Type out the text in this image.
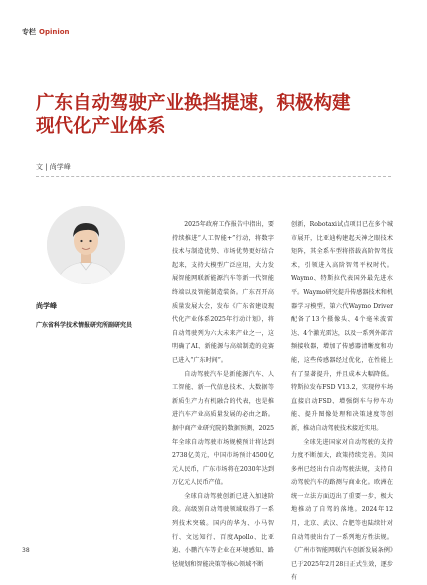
专栏 Opinion
广东自动驾驶产业换挡提速，积极构建
现代化产业体系
文 | 尚学峰
尚学峰
广东省科学技术情报研究所副研究员

2025年政府工作报告中指出，要持续推进“人工智能+”行动，将数字技术与制造优势、市场优势更好结合起来，支持大模型广泛应用，大力发展智能网联新能源汽车等新一代智能终端以及智能制造装备。广东召开高质量发展大会，发布《广东省建设现代化产业体系2025年行动计划》，将自动驾驶列为六大未来产业之一，这明确了AI、新能源与高端制造的竞赛已进入“广东时间”。

自动驾驶汽车是新能源汽车、人工智能、新一代信息技术、大数据等新质生产力有机融合的代表，也是推进汽车产业高质量发展的必由之路。据中商产业研究院的数据预测，2025年全球自动驾驶市场规模预计将达到2738亿美元，中国市场预计4500亿元人民币，广东市场将在2030年达到万亿元人民币产值。

全球自动驾驶创新已进入加速阶段。高级别自动驾驶领域取得了一系列技术突破。国内的华为、小马智行、文远知行、百度Apollo、比亚迪、小鹏汽车等企业在环境感知、路径规划和智能决策等核心领域不断

创新，Robotaxi试点项目已在多个城市展开，比亚迪构建起天神之眼技术矩阵，其全系车型将搭载高阶智驾技术，引领进入高阶智驾平权时代。Waymo、特斯拉代表国外最先进水平。Waymo研究提升传感器技术和机器学习模型，第六代Waymo Driver配备了13个摄像头、4个毫米波雷达、4个激光雷达，以及一系列外部音频接收器，增加了传感器清晰度和功能，这些传感器经过优化，在性能上有了显著提升，并且成本大幅降低。特斯拉发布FSD V13.2，实现停车场直接启动FSD、增强倒车与停车功能、提升图像处理和决策速度等创新，推动自动驾驶技术接近实用。

全球先进国家对自动驾驶的支持力度不断加大，政策持续完善。美国多州已经出台自动驾驶法规，支持自动驾驶汽车的路测与商业化。欧洲在统一立法方面迈出了重要一步，极大地推动了自驾的落地。2024年12月，北京、武汉、合肥等也陆续针对自动驾驶出台了一系列地方性法规。《广州市智能网联汽车创新发展条例》已于2025年2月28日正式生效，逐步有

38
